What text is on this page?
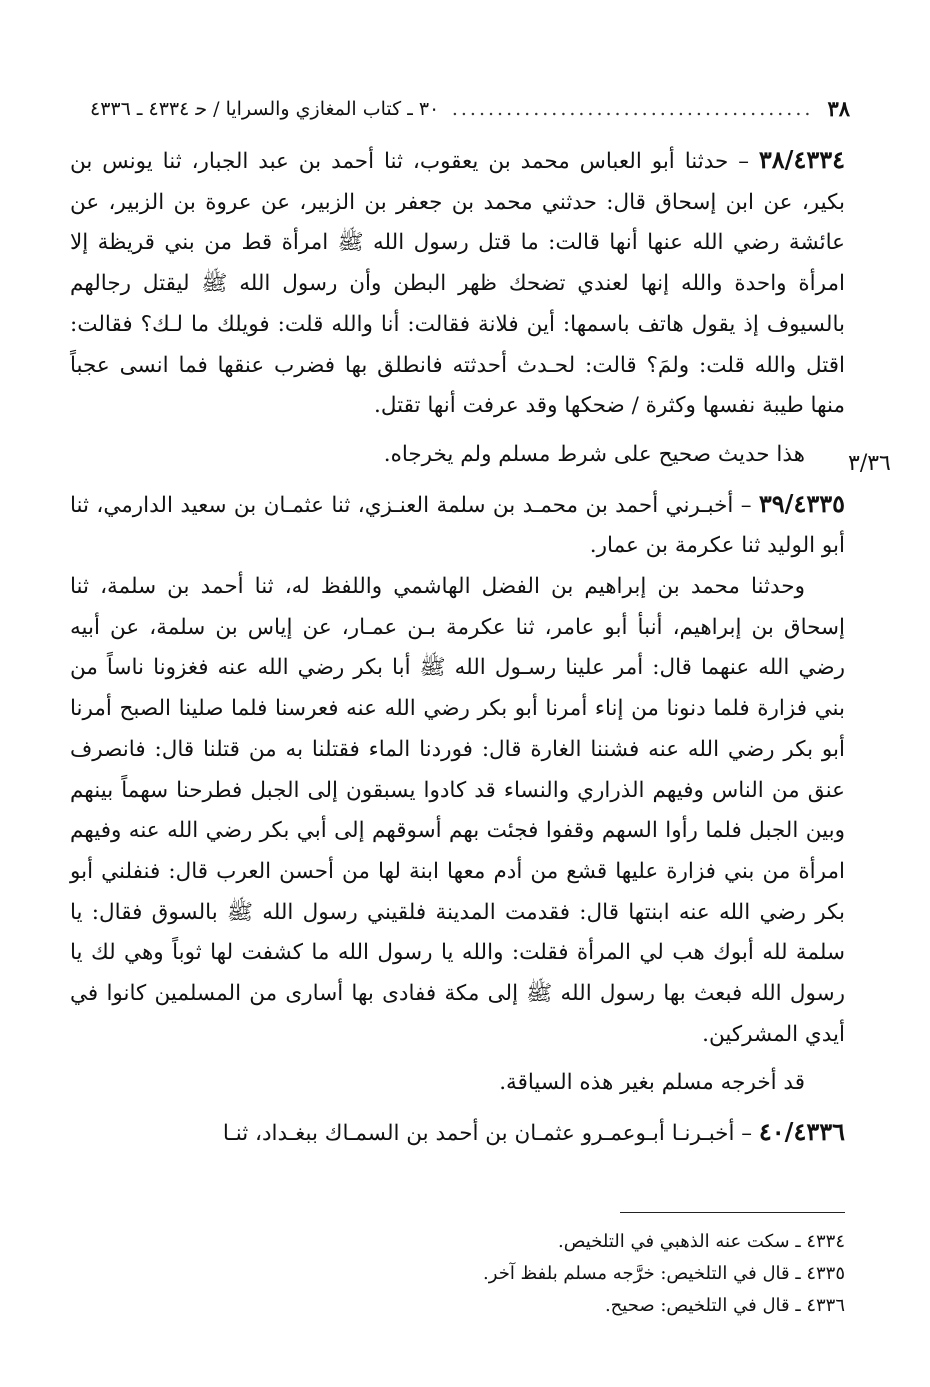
٣٨
........................................
٣٠ ـ كتاب المغازي والسرايا / ﺣ ٤٣٣٤ ـ ٤٣٣٦

٣٨/٤٣٣٤ – حدثنا أبو العباس محمد بن يعقوب، ثنا أحمد بن عبد الجبار، ثنا يونس بن بكير، عن ابن إسحاق قال: حدثني محمد بن جعفر بن الزبير، عن عروة بن الزبير، عن عائشة رضي الله عنها أنها قالت: ما قتل رسول الله ﷺ امرأة قط من بني قريظة إلا امرأة واحدة والله إنها لعندي تضحك ظهر البطن وأن رسول الله ﷺ ليقتل رجالهم بالسيوف إذ يقول هاتف باسمها: أين فلانة فقالت: أنا والله قلت: فويلك ما لـك؟ فقالت: اقتل والله قلت: ولمَ؟ قالت: لحـدث أحدثته فانطلق بها فضرب عنقها فما انسى عجباً منها طيبة نفسها وكثرة / ضحكها وقد عرفت أنها تقتل.

هذا حديث صحيح على شرط مسلم ولم يخرجاه.

٣٩/٤٣٣٥ – أخبـرني أحمد بن محمـد بن سلمة العنـزي، ثنا عثمـان بن سعيد الدارمي، ثنا أبو الوليد ثنا عكرمة بن عمار.

وحدثنا محمد بن إبراهيم بن الفضل الهاشمي واللفظ له، ثنا أحمد بن سلمة، ثنا إسحاق بن إبراهيم، أنبأ أبو عامر، ثنا عكرمة بـن عمـار، عن إياس بن سلمة، عن أبيه رضي الله عنهما قال: أمر علينا رسـول الله ﷺ أبا بكر رضي الله عنه فغزونا ناساً من بني فزارة فلما دنونا من إناء أمرنا أبو بكر رضي الله عنه فعرسنا فلما صلينا الصبح أمرنا أبو بكر رضي الله عنه فشننا الغارة قال: فوردنا الماء فقتلنا به من قتلنا قال: فانصرف عنق من الناس وفيهم الذراري والنساء قد كادوا يسبقون إلى الجبل فطرحنا سهماً بينهم وبين الجبل فلما رأوا السهم وقفوا فجئت بهم أسوقهم إلى أبي بكر رضي الله عنه وفيهم امرأة من بني فزارة عليها قشع من أدم معها ابنة لها من أحسن العرب قال: فنفلني أبو بكر رضي الله عنه ابنتها قال: فقدمت المدينة فلقيني رسول الله ﷺ بالسوق فقال: يا سلمة لله أبوك هب لي المرأة فقلت: والله يا رسول الله ما كشفت لها ثوباً وهي لك يا رسول الله فبعث بها رسول الله ﷺ إلى مكة ففادى بها أسارى من المسلمين كانوا في أيدي المشركين.

قد أخرجه مسلم بغير هذه السياقة.

٤٠/٤٣٣٦ – أخبـرنـا أبـوعمـرو عثمـان بن أحمد بن السمـاك ببغـداد، ثنـا

٣/٣٦

٤٣٣٤ ـ سكت عنه الذهبي في التلخيص.

٤٣٣٥ ـ قال في التلخيص: خرَّجه مسلم بلفظ آخر.

٤٣٣٦ ـ قال في التلخيص: صحيح.
